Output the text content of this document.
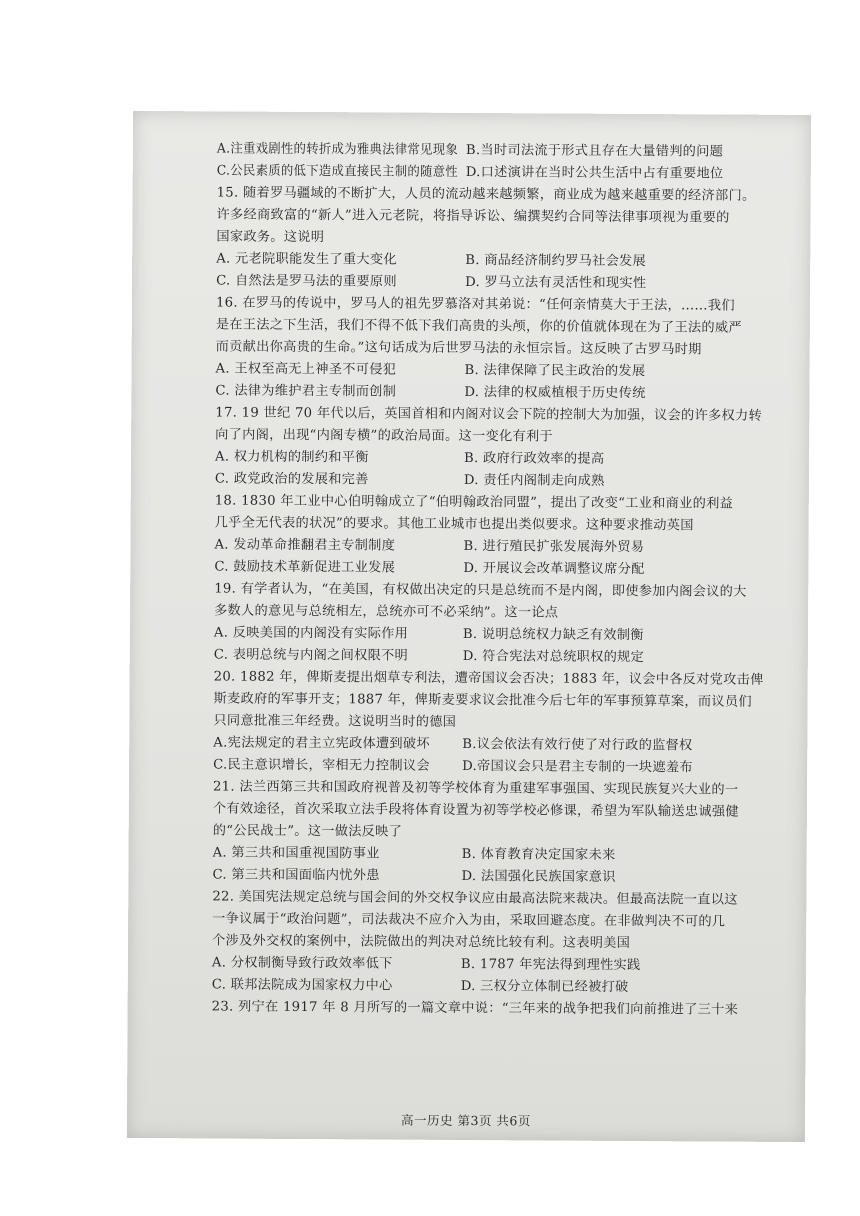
A.注重戏剧性的转折成为雅典法律常见现象 B.当时司法流于形式且存在大量错判的问题
C.公民素质的低下造成直接民主制的随意性 D.口述演讲在当时公共生活中占有重要地位
15. 随着罗马疆域的不断扩大，人员的流动越来越频繁，商业成为越来越重要的经济部门。
许多经商致富的“新人”进入元老院，将指导诉讼、编撰契约合同等法律事项视为重要的
国家政务。这说明
A. 元老院职能发生了重大变化	B. 商品经济制约罗马社会发展
C. 自然法是罗马法的重要原则	D. 罗马立法有灵活性和现实性
16. 在罗马的传说中，罗马人的祖先罗慕洛对其弟说：“任何亲情莫大于王法，……我们
是在王法之下生活，我们不得不低下我们高贵的头颅，你的价值就体现在为了王法的威严
而贡献出你高贵的生命。”这句话成为后世罗马法的永恒宗旨。这反映了古罗马时期
A. 王权至高无上神圣不可侵犯	B. 法律保障了民主政治的发展
C. 法律为维护君主专制而创制	D. 法律的权威植根于历史传统
17. 19 世纪 70 年代以后，英国首相和内阁对议会下院的控制大为加强，议会的许多权力转
向了内阁，出现“内阁专横”的政治局面。这一变化有利于
A. 权力机构的制约和平衡	B. 政府行政效率的提高
C. 政党政治的发展和完善	D. 责任内阁制走向成熟
18. 1830 年工业中心伯明翰成立了“伯明翰政治同盟”，提出了改变“工业和商业的利益
几乎全无代表的状况”的要求。其他工业城市也提出类似要求。这种要求推动英国
A. 发动革命推翻君主专制制度	B. 进行殖民扩张发展海外贸易
C. 鼓励技术革新促进工业发展	D. 开展议会改革调整议席分配
19. 有学者认为，“在美国，有权做出决定的只是总统而不是内阁，即使参加内阁会议的大
多数人的意见与总统相左，总统亦可不必采纳”。这一论点
A. 反映美国的内阁没有实际作用	B. 说明总统权力缺乏有效制衡
C. 表明总统与内阁之间权限不明	D. 符合宪法对总统职权的规定
20. 1882 年，俾斯麦提出烟草专利法，遭帝国议会否决；1883 年，议会中各反对党攻击俾
斯麦政府的军事开支；1887 年，俾斯麦要求议会批准今后七年的军事预算草案，而议员们
只同意批准三年经费。这说明当时的德国
A.宪法规定的君主立宪政体遭到破坏 B.议会依法有效行使了对行政的监督权
C.民主意识增长，宰相无力控制议会 D.帝国议会只是君主专制的一块遮羞布
21. 法兰西第三共和国政府视普及初等学校体育为重建军事强国、实现民族复兴大业的一
个有效途径，首次采取立法手段将体育设置为初等学校必修课，希望为军队输送忠诚强健
的“公民战士”。这一做法反映了
A. 第三共和国重视国防事业	B. 体育教育决定国家未来
C. 第三共和国面临内忧外患	D. 法国强化民族国家意识
22. 美国宪法规定总统与国会间的外交权争议应由最高法院来裁决。但最高法院一直以这
一争议属于“政治问题”，司法裁决不应介入为由，采取回避态度。在非做判决不可的几
个涉及外交权的案例中，法院做出的判决对总统比较有利。这表明美国
A. 分权制衡导致行政效率低下	B. 1787 年宪法得到理性实践
C. 联邦法院成为国家权力中心	D. 三权分立体制已经被打破
23. 列宁在 1917 年 8 月所写的一篇文章中说：“三年来的战争把我们向前推进了三十来
高一历史 第3页 共6页
